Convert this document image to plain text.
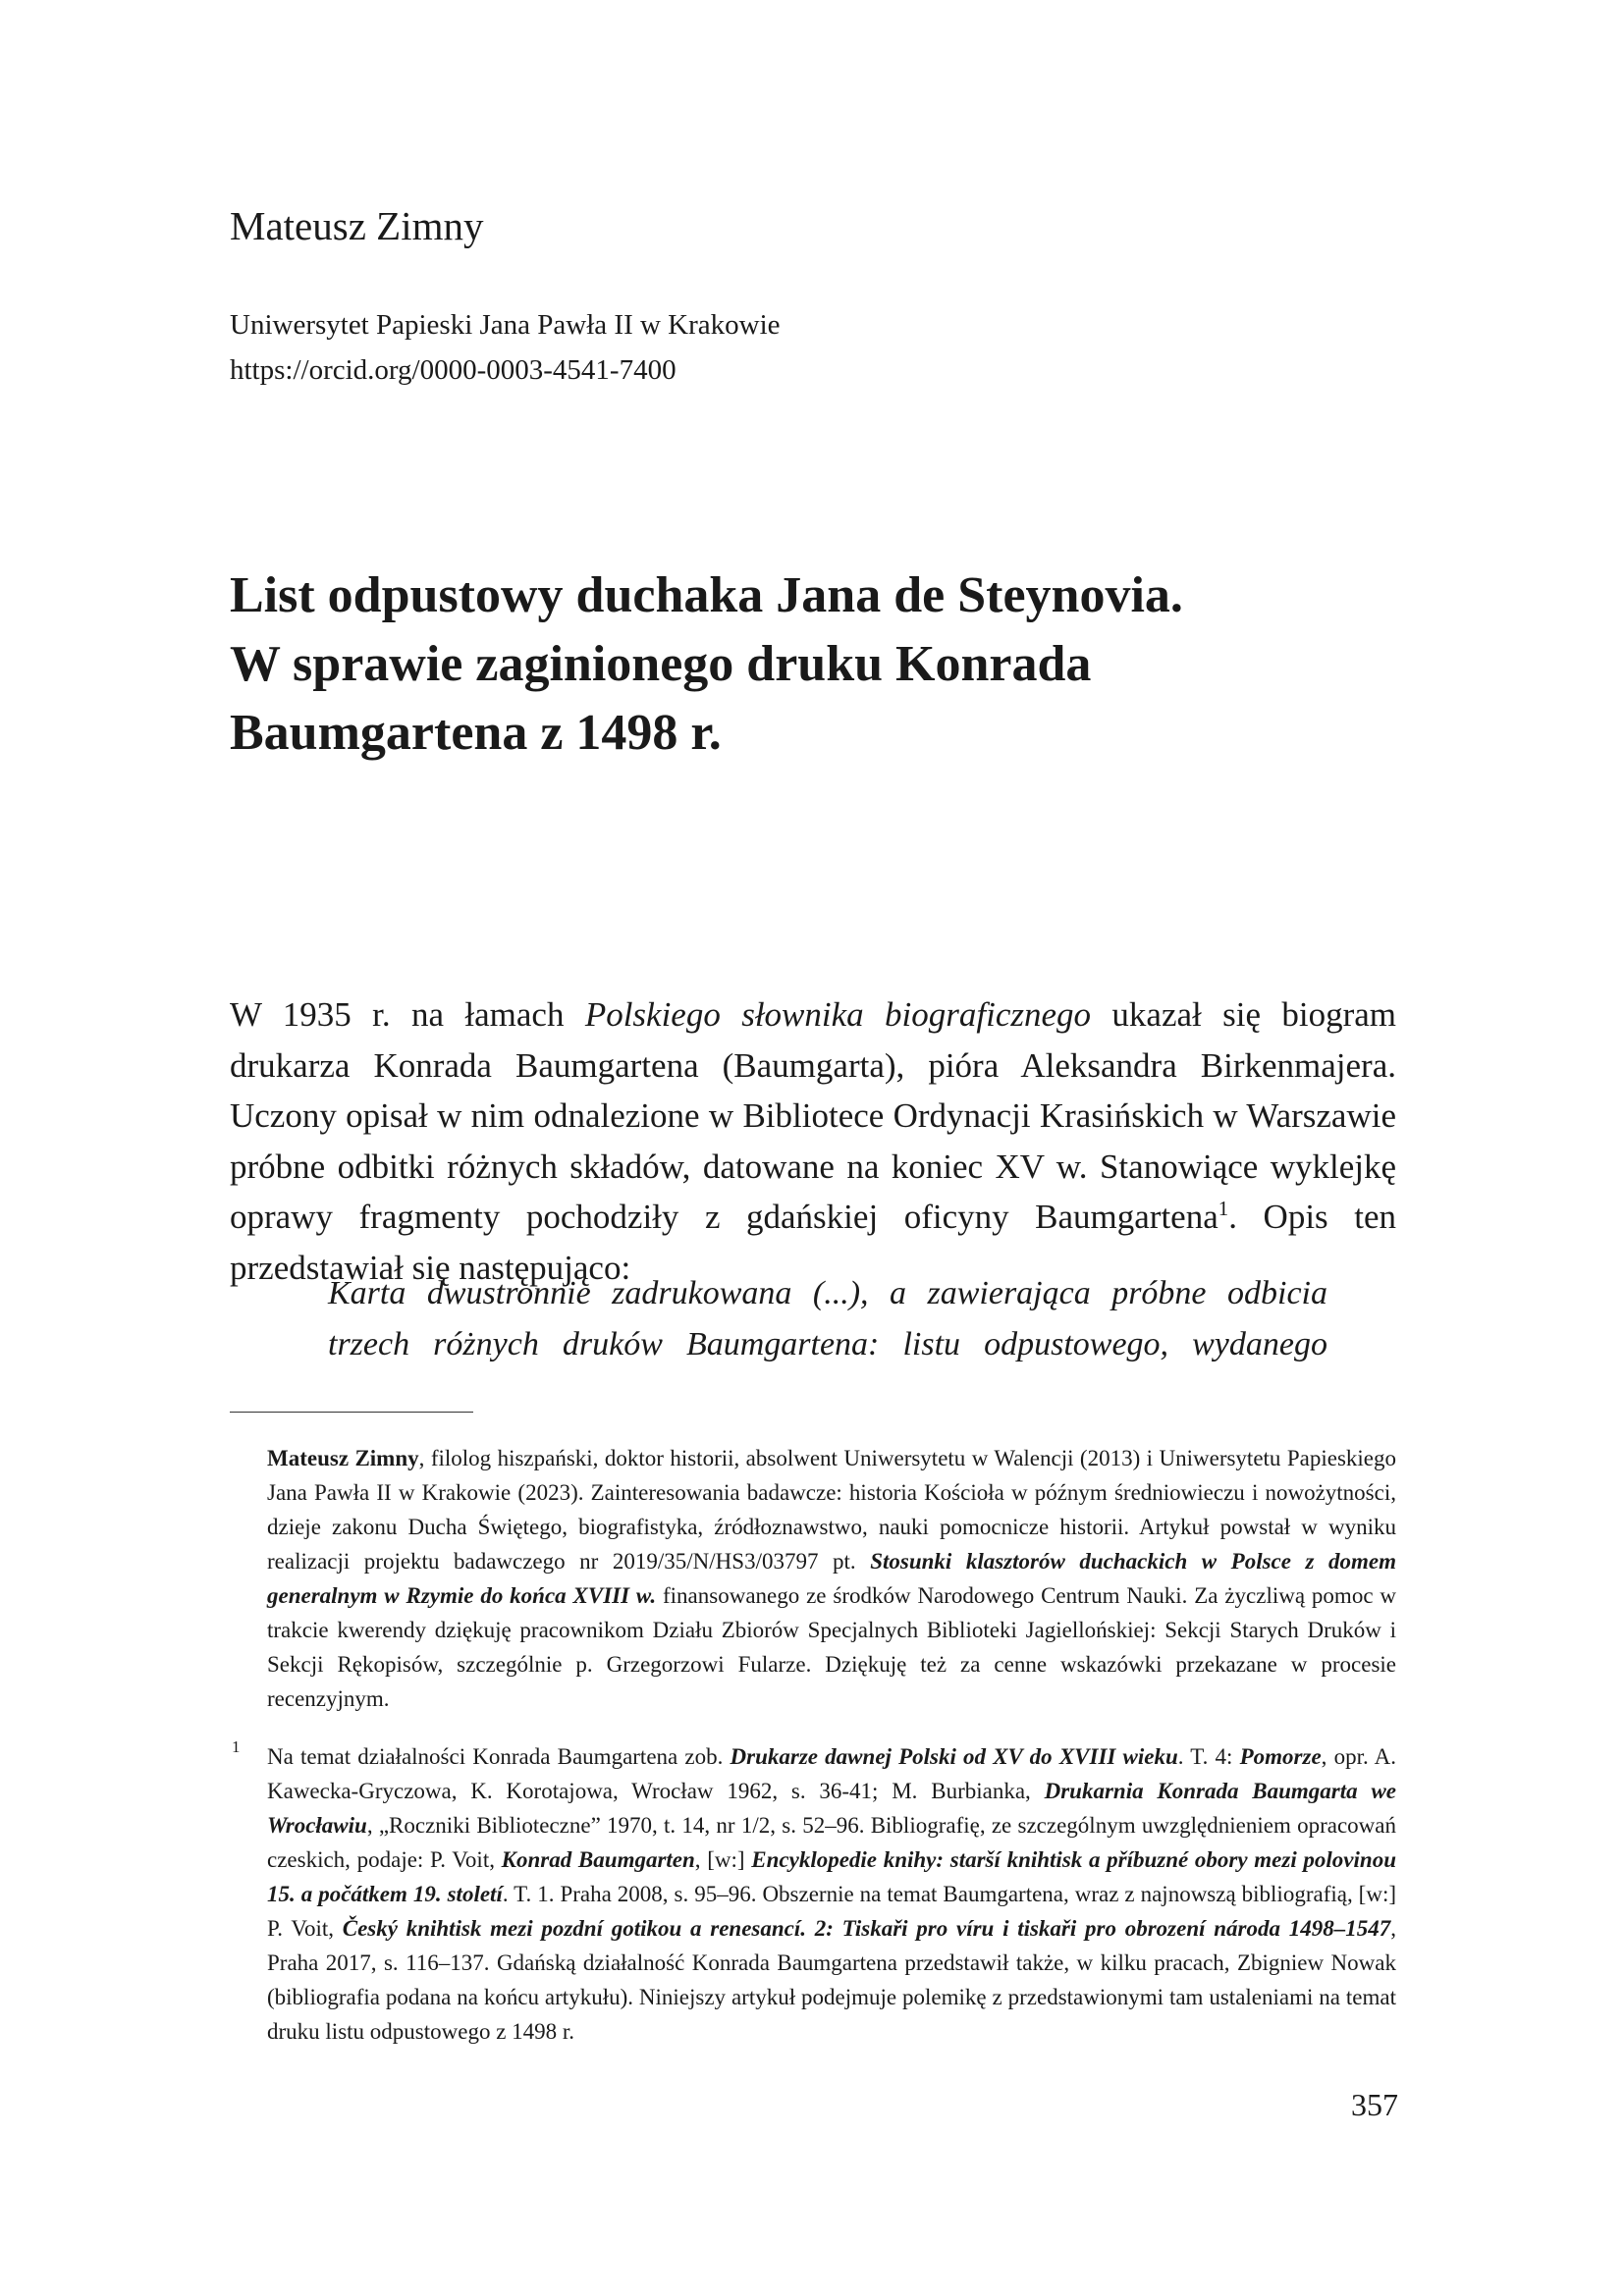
Mateusz Zimny
Uniwersytet Papieski Jana Pawła II w Krakowie
https://orcid.org/0000-0003-4541-7400
List odpustowy duchaka Jana de Steynovia.
W sprawie zaginionego druku Konrada
Baumgartena z 1498 r.

W 1935 r. na łamach Polskiego słownika biograficznego ukazał się biogram drukarza Konrada Baumgartena (Baumgarta), pióra Aleksandra Birkenmajera. Uczony opisał w nim odnalezione w Bibliotece Ordynacji Krasińskich w Warszawie próbne odbitki różnych składów, datowane na koniec XV w. Stanowiące wyklejkę oprawy fragmenty pochodziły z gdańskiej oficyny Baumgartena$^1$. Opis ten przedstawiał się następująco:

Karta dwustronnie zadrukowana (...), a zawierająca próbne odbicia trzech różnych druków Baumgartena: listu odpustowego, wydanego

Mateusz Zimny, filolog hiszpański, doktor historii, absolwent Uniwersytetu w Walencji (2013) i Uniwersytetu Papieskiego Jana Pawła II w Krakowie (2023). Zainteresowania badawcze: historia Kościoła w późnym średniowieczu i nowożytności, dzieje zakonu Ducha Świętego, biografistyka, źródłoznawstwo, nauki pomocnicze historii. Artykuł powstał w wyniku realizacji projektu badawczego nr 2019/35/N/HS3/03797 pt. Stosunki klasztorów duchackich w Polsce z domem generalnym w Rzymie do końca XVIII w. finansowanego ze środków Narodowego Centrum Nauki. Za życzliwą pomoc w trakcie kwerendy dziękuję pracownikom Działu Zbiorów Specjalnych Biblioteki Jagiellońskiej: Sekcji Starych Druków i Sekcji Rękopisów, szczególnie p. Grzegorzowi Fularze. Dziękuję też za cenne wskazówki przekazane w procesie recenzyjnym.

1 Na temat działalności Konrada Baumgartena zob. Drukarze dawnej Polski od XV do XVIII wieku. T. 4: Pomorze, opr. A. Kawecka-Gryczowa, K. Korotajowa, Wrocław 1962, s. 36-41; M. Burbianka, Drukarnia Konrada Baumgarta we Wrocławiu, „Roczniki Biblioteczne” 1970, t. 14, nr 1/2, s. 52–96. Bibliografię, ze szczególnym uwzględnieniem opracowań czeskich, podaje: P. Voit, Konrad Baumgarten, [w:] Encyklopedie knihy: starší knihtisk a příbuzné obory mezi polovinou 15. a počátkem 19. století. T. 1. Praha 2008, s. 95–96. Obszernie na temat Baumgartena, wraz z najnowszą bibliografią, [w:] P. Voit, Český knihtisk mezi pozdní gotikou a renesancí. 2: Tiskaři pro víru i tiskaři pro obrození národa 1498–1547, Praha 2017, s. 116–137. Gdańską działalność Konrada Baumgartena przedstawił także, w kilku pracach, Zbigniew Nowak (bibliografia podana na końcu artykułu). Niniejszy artykuł podejmuje polemikę z przedstawionymi tam ustaleniami na temat druku listu odpustowego z 1498 r.

357
